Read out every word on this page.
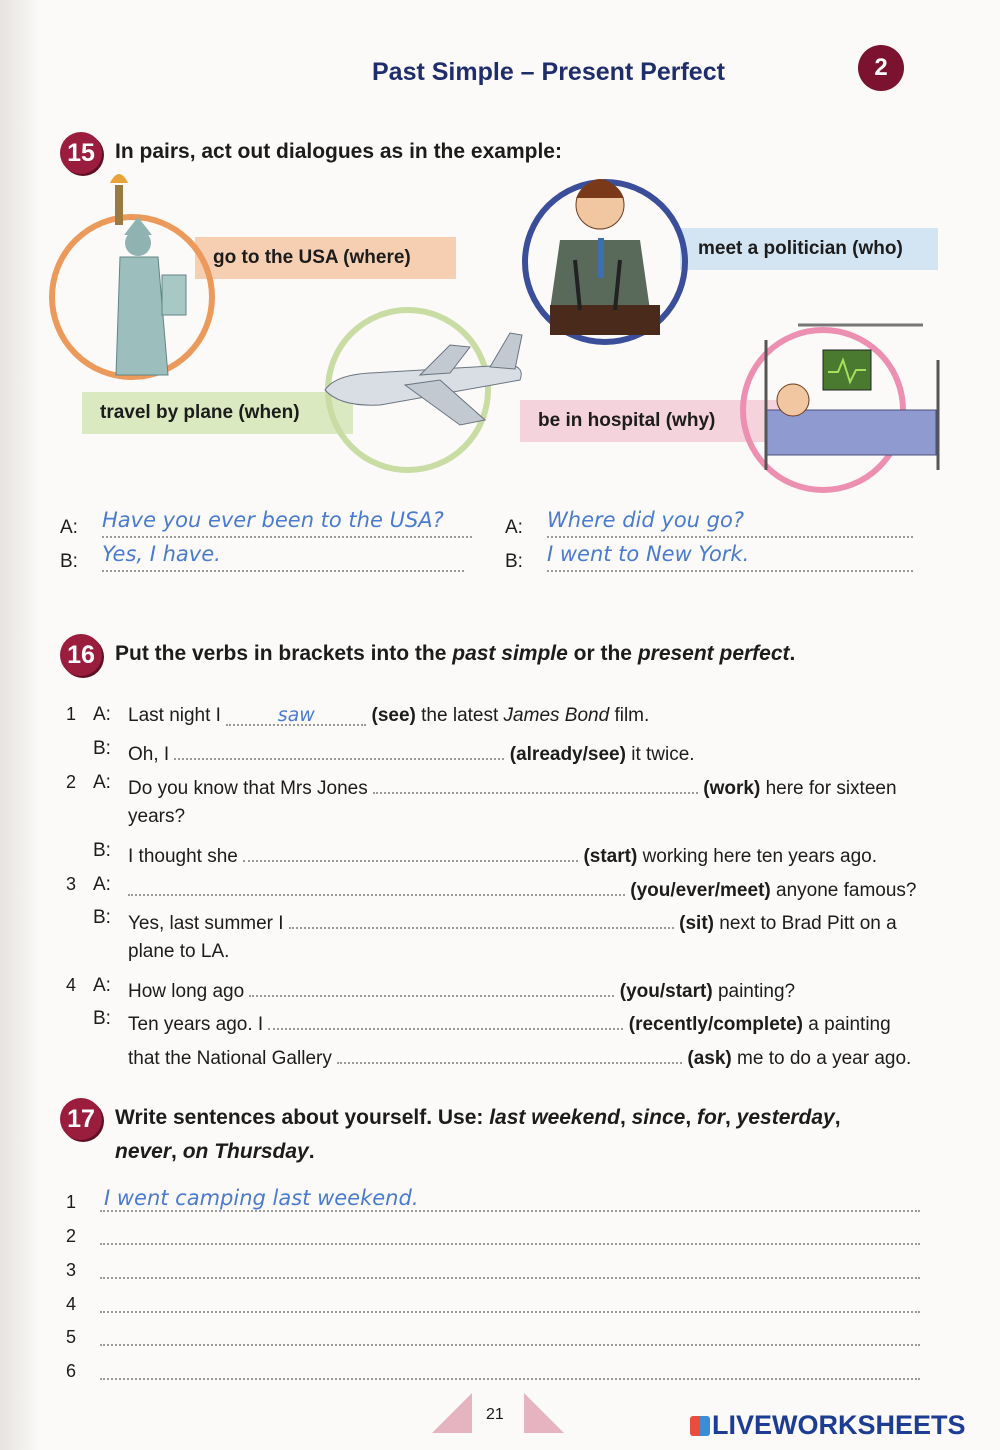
Past Simple – Present Perfect	2
15 In pairs, act out dialogues as in the example:
go to the USA (where)	meet a politician (who)
travel by plane (when)	be in hospital (why)
A: Have you ever been to the USA?
B: Yes, I have.
A: Where did you go?
B: I went to New York.
16 Put the verbs in brackets into the past simple or the present perfect.
1 A: Last night I	saw	(see) the latest James Bond film.
B: Oh, I	(already/see) it twice.
2 A: Do you know that Mrs Jones	(work) here for sixteen
years?
B: I thought she	(start) working here ten years ago.
3 A:	(you/ever/meet) anyone famous?
B: Yes, last summer I	(sit) next to Brad Pitt on a
plane to LA.
4 A: How long ago	(you/start) painting?
B: Ten years ago. I	(recently/complete) a painting
that the National Gallery	(ask) me to do a year ago.
17 Write sentences about yourself. Use: last weekend, since, for, yesterday,
never, on Thursday.
1 I went camping last weekend.
2
3
4
5
6
21	LIVEWORKSHEETS
